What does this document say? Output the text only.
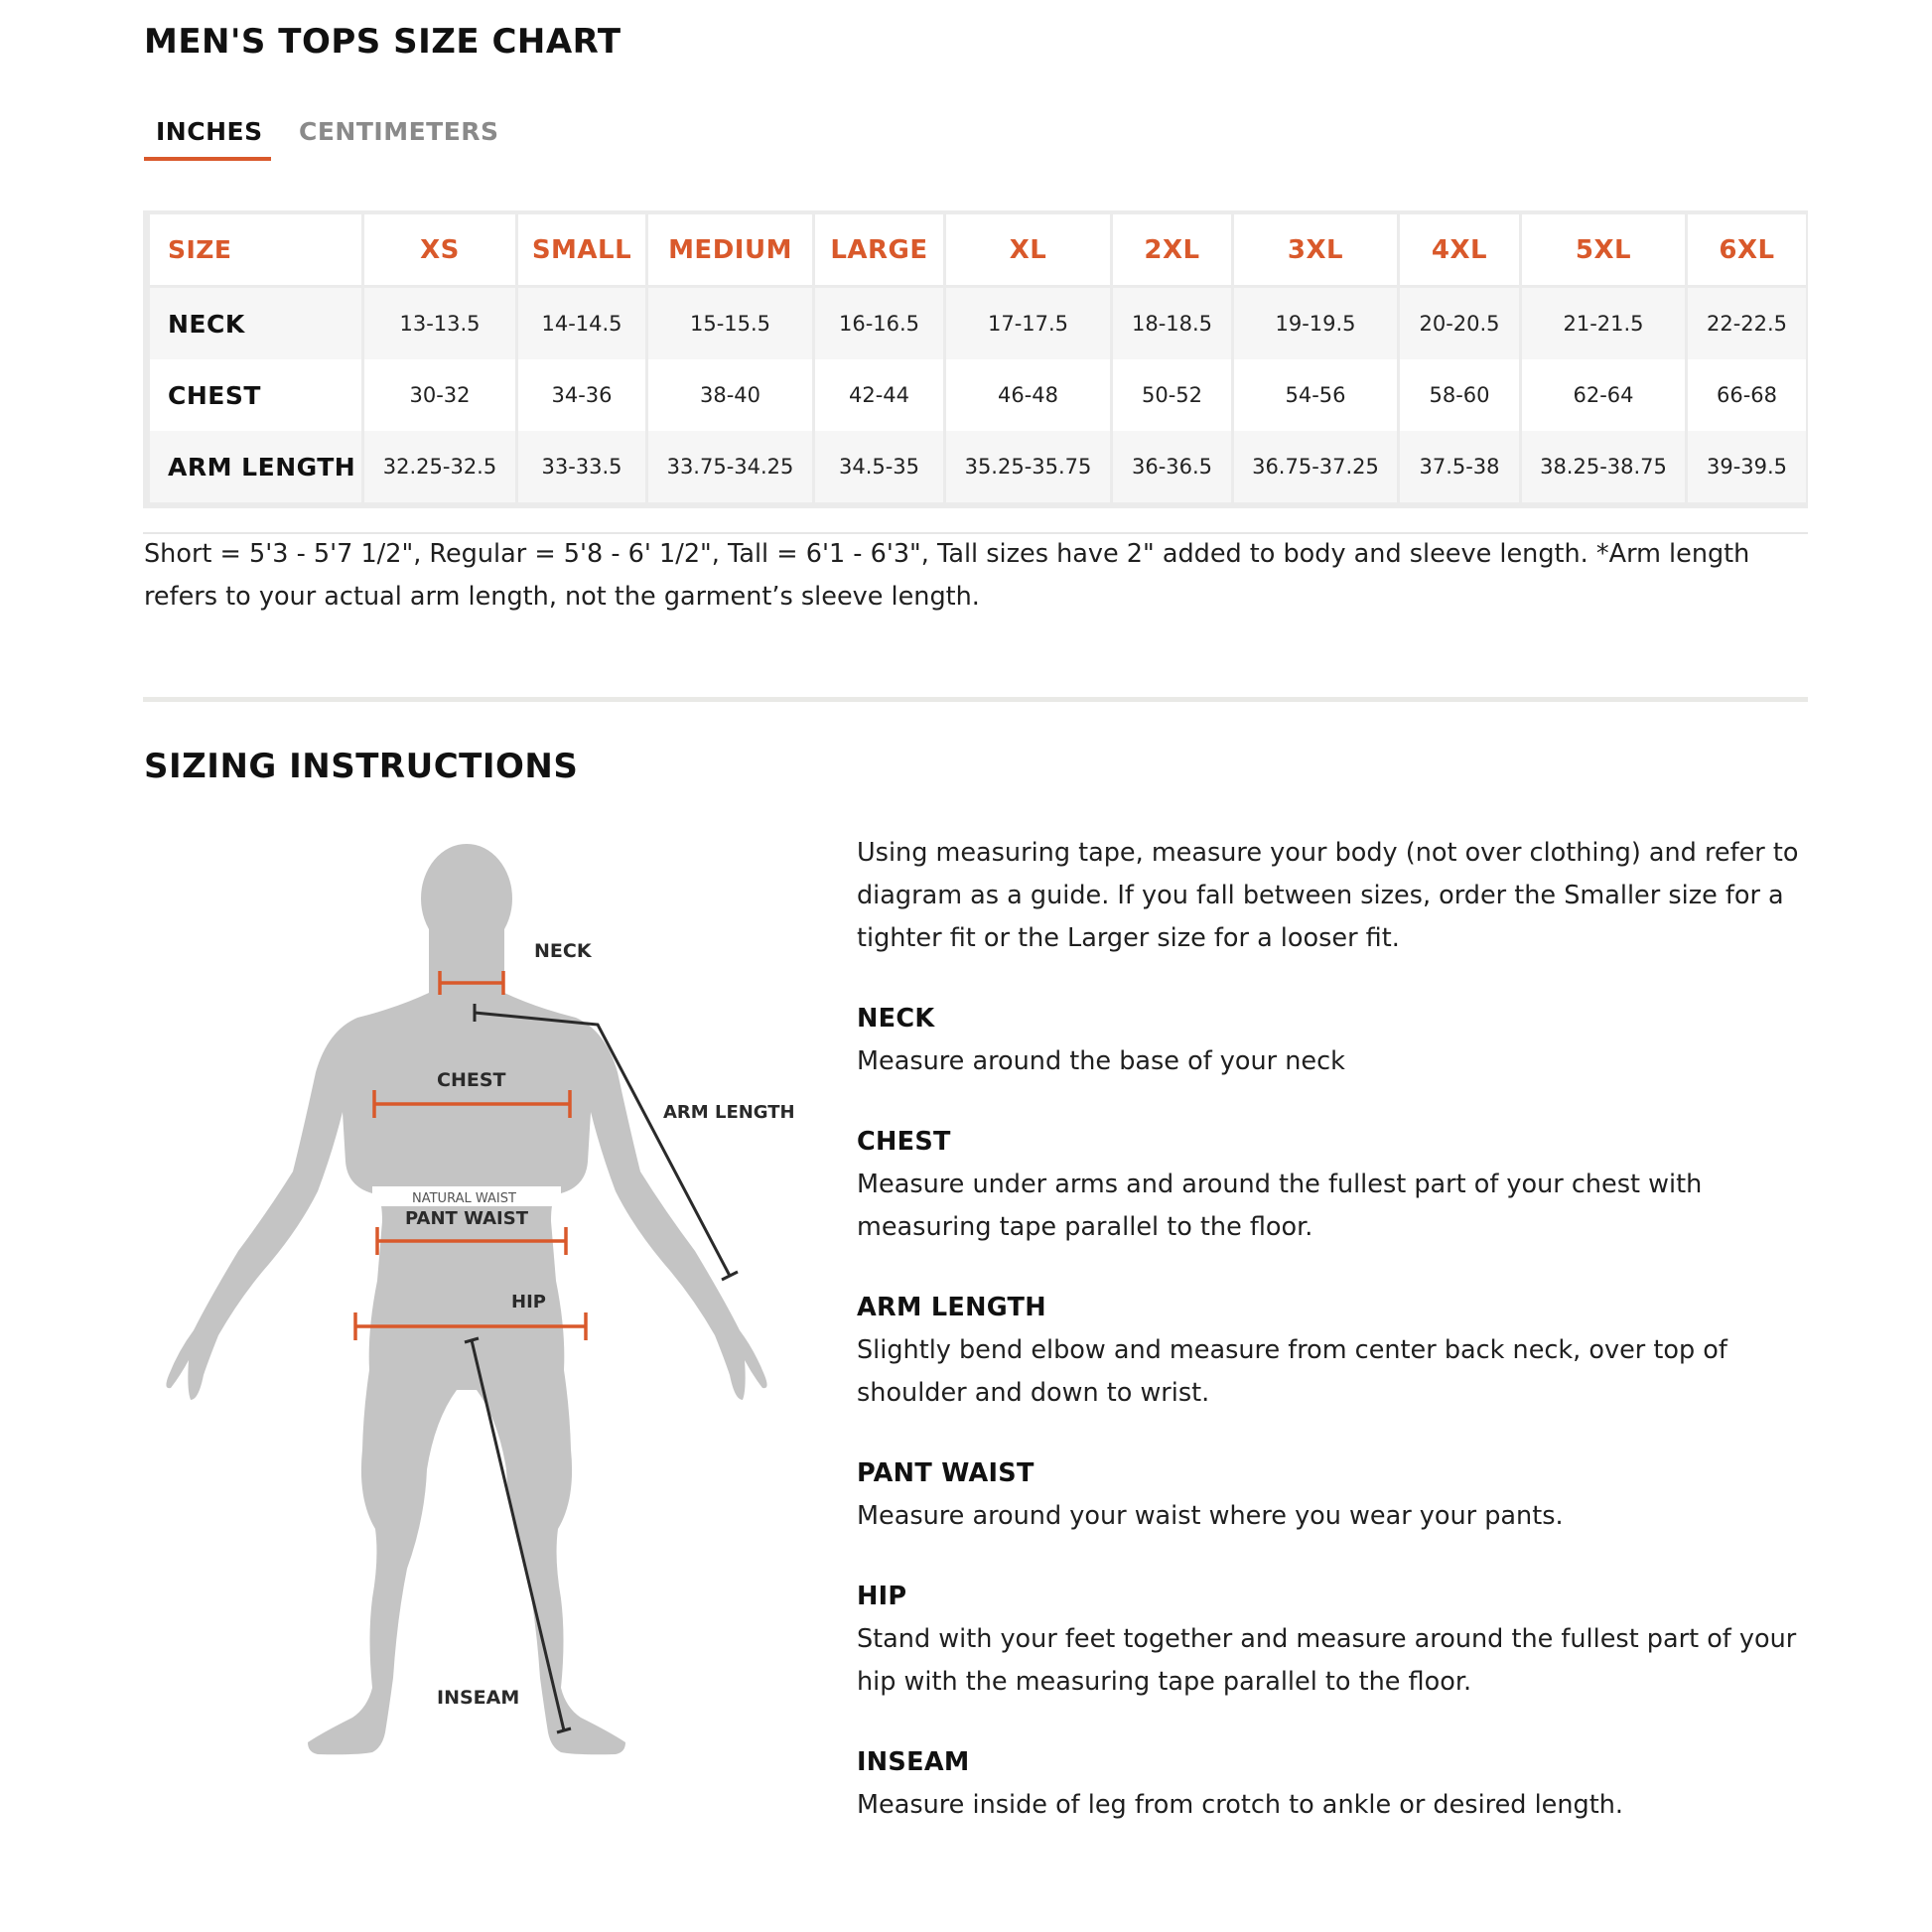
MEN'S TOPS SIZE CHART
INCHES CENTIMETERS
SIZE	XS	SMALL	MEDIUM	LARGE	XL	2XL	3XL	4XL	5XL	6XL
NECK	13-13.5	14-14.5	15-15.5	16-16.5	17-17.5	18-18.5	19-19.5	20-20.5	21-21.5	22-22.5
CHEST	30-32	34-36	38-40	42-44	46-48	50-52	54-56	58-60	62-64	66-68
ARM LENGTH	32.25-32.5	33-33.5	33.75-34.25	34.5-35	35.25-35.75	36-36.5	36.75-37.25	37.5-38	38.25-38.75	39-39.5
Short = 5'3 - 5'7 1/2", Regular = 5'8 - 6' 1/2", Tall = 6'1 - 6'3", Tall sizes have 2" added to body and sleeve length. *Arm length refers to your actual arm length, not the garment’s sleeve length.
SIZING INSTRUCTIONS
NECK
CHEST
ARM LENGTH
NATURAL WAIST
PANT WAIST
HIP
INSEAM
Using measuring tape, measure your body (not over clothing) and refer to diagram as a guide. If you fall between sizes, order the Smaller size for a tighter fit or the Larger size for a looser fit.
NECK
Measure around the base of your neck
CHEST
Measure under arms and around the fullest part of your chest with measuring tape parallel to the floor.
ARM LENGTH
Slightly bend elbow and measure from center back neck, over top of shoulder and down to wrist.
PANT WAIST
Measure around your waist where you wear your pants.
HIP
Stand with your feet together and measure around the fullest part of your hip with the measuring tape parallel to the floor.
INSEAM
Measure inside of leg from crotch to ankle or desired length.
